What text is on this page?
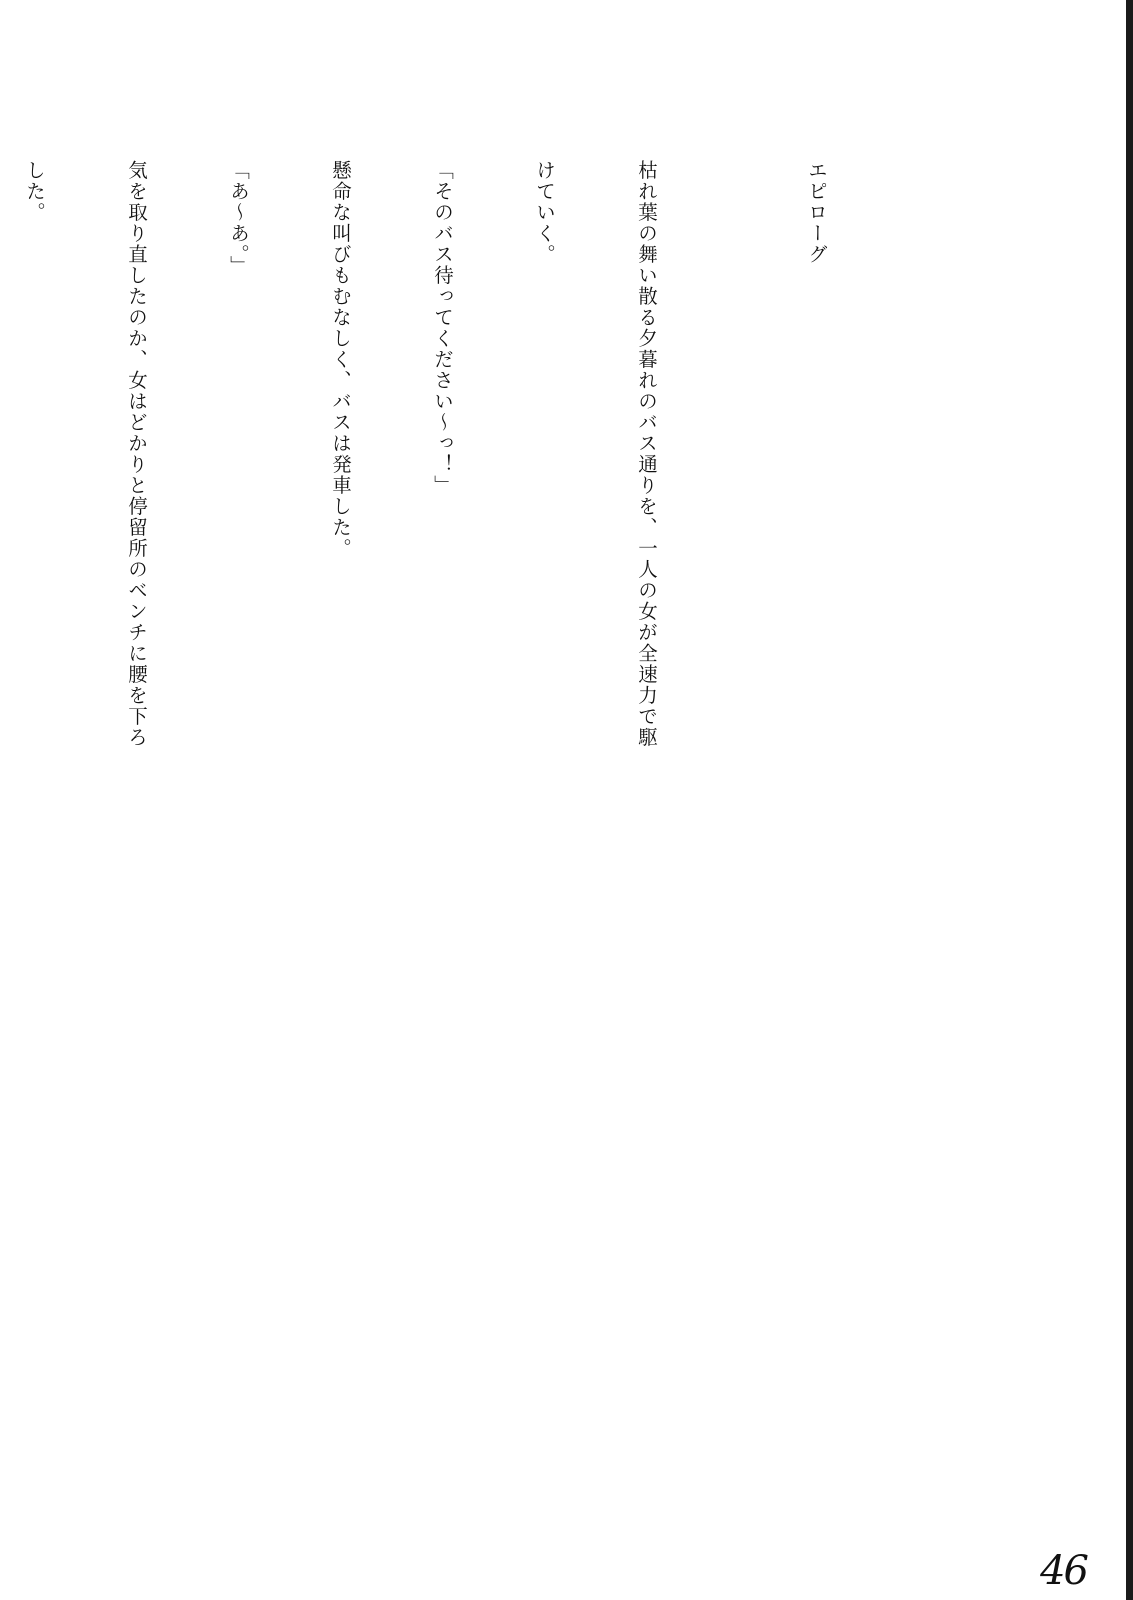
エピローグ

枯れ葉の舞い散る夕暮れのバス通りを、一人の女が全速力で駆

けていく。

「そのバス待ってください～っ！」

懸命な叫びもむなしく、バスは発車した。

「あ～あ。」

気を取り直したのか、女はどかりと停留所のベンチに腰を下ろ

した。

46
